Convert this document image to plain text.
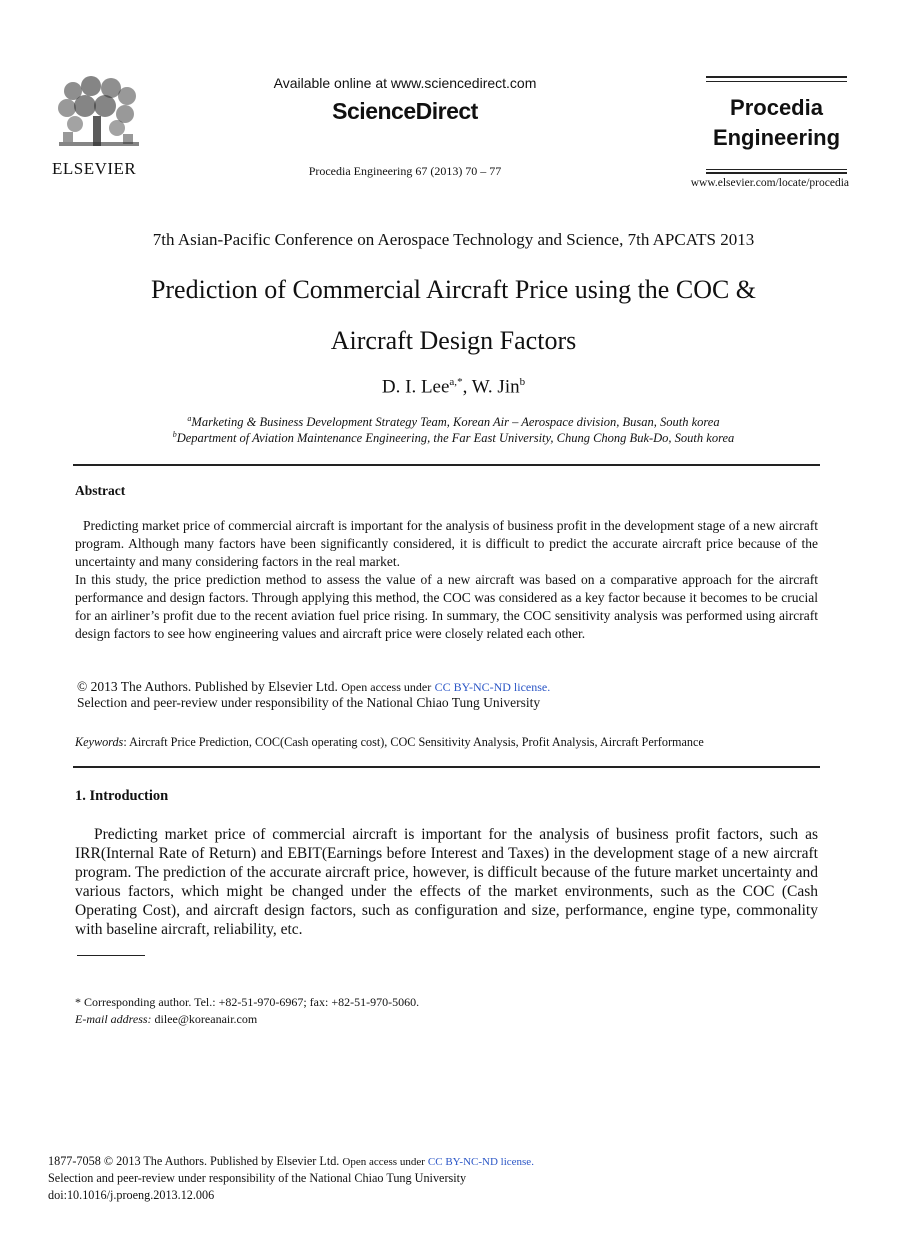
ELSEVIER
Available online at www.sciencedirect.com
ScienceDirect
Procedia Engineering 67 (2013) 70 – 77
Procedia
Engineering
www.elsevier.com/locate/procedia
7th Asian-Pacific Conference on Aerospace Technology and Science, 7th APCATS 2013
Prediction of Commercial Aircraft Price using the COC &
Aircraft Design Factors
D. I. Lee$^{a,*}$, W. Jin$^b$
$^a$Marketing & Business Development Strategy Team, Korean Air – Aerospace division, Busan, South korea
$^b$Department of Aviation Maintenance Engineering, the Far East University, Chung Chong Buk-Do, South korea
Abstract
Predicting market price of commercial aircraft is important for the analysis of business profit in the development stage of a new aircraft program. Although many factors have been significantly considered, it is difficult to predict the accurate aircraft price because of the uncertainty and many considering factors in the real market.
In this study, the price prediction method to assess the value of a new aircraft was based on a comparative approach for the aircraft performance and design factors. Through applying this method, the COC was considered as a key factor because it becomes to be crucial for an airliner’s profit due to the recent aviation fuel price rising. In summary, the COC sensitivity analysis was performed using aircraft design factors to see how engineering values and aircraft price were closely related each other.
© 2013 The Authors. Published by Elsevier Ltd. Open access under CC BY-NC-ND license.
Selection and peer-review under responsibility of the National Chiao Tung University
Keywords: Aircraft Price Prediction, COC(Cash operating cost), COC Sensitivity Analysis, Profit Analysis, Aircraft Performance
1. Introduction
Predicting market price of commercial aircraft is important for the analysis of business profit factors, such as IRR(Internal Rate of Return) and EBIT(Earnings before Interest and Taxes) in the development stage of a new aircraft program. The prediction of the accurate aircraft price, however, is difficult because of the future market uncertainty and various factors, which might be changed under the effects of the market environments, such as the COC (Cash Operating Cost), and aircraft design factors, such as configuration and size, performance, engine type, commonality with baseline aircraft, reliability, etc.
* Corresponding author. Tel.: +82-51-970-6967; fax: +82-51-970-5060.
E-mail address: dilee@koreanair.com
1877-7058 © 2013 The Authors. Published by Elsevier Ltd. Open access under CC BY-NC-ND license.
Selection and peer-review under responsibility of the National Chiao Tung University
doi:10.1016/j.proeng.2013.12.006
